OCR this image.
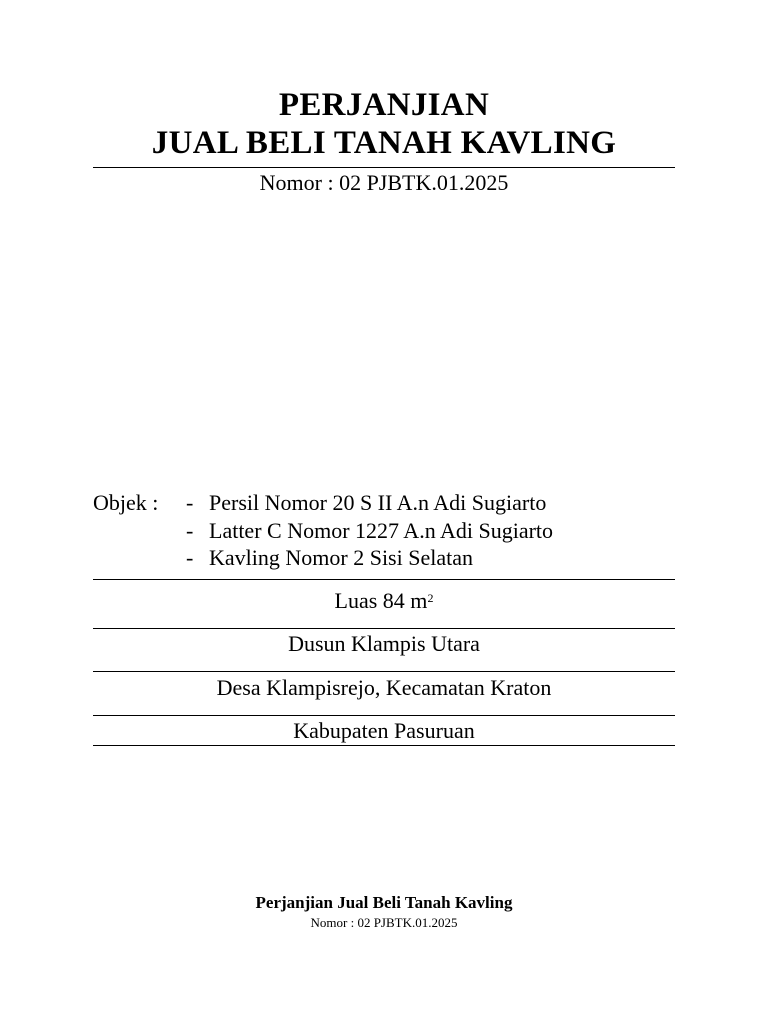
PERJANJIAN
JUAL BELI TANAH KAVLING
Nomor : 02 PJBTK.01.2025
Objek : - Persil Nomor 20 S II A.n Adi Sugiarto
- Latter C Nomor 1227 A.n Adi Sugiarto
- Kavling Nomor 2 Sisi Selatan
Luas 84 $m^2$
Dusun Klampis Utara
Desa Klampisrejo, Kecamatan Kraton
Kabupaten Pasuruan
Perjanjian Jual Beli Tanah Kavling
Nomor : 02 PJBTK.01.2025
